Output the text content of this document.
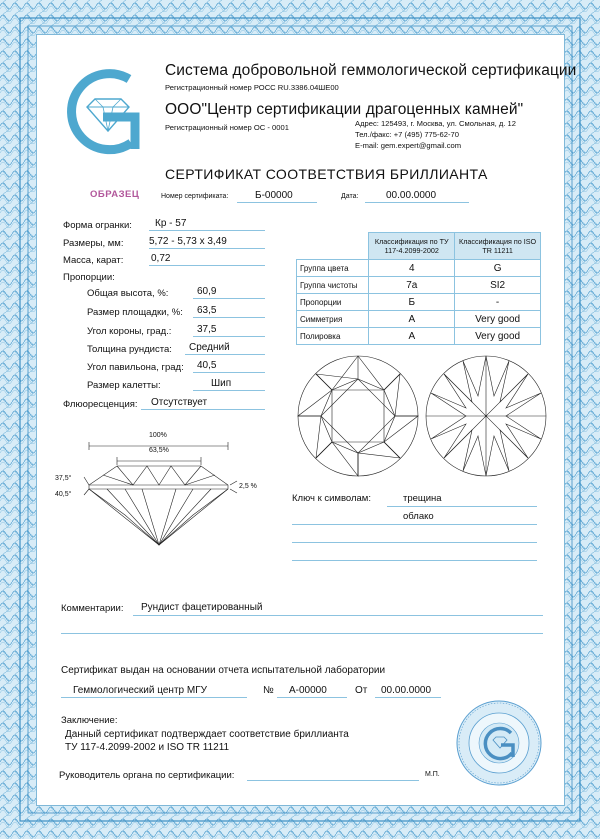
Система добровольной геммологической сертификации
Регистрационный номер РОСС RU.3386.04ШЕ00
ООО"Центр сертификации драгоценных камней"
Регистрационный номер ОС - 0001	Адрес: 125493, г. Москва, ул. Смольная, д. 12
Тел./факс: +7 (495) 775-62-70
E-mail: gem.expert@gmail.com
СЕРТИФИКАТ СООТВЕТСТВИЯ БРИЛЛИАНТА
ОБРАЗЕЦ	Номер сертификата:	Б-00000	Дата:	00.00.0000
Форма огранки: Кр - 57
Размеры, мм:	5,72 - 5,73 x 3,49
Масса, карат:	0,72
Пропорции:
Общая высота, %:	60,9
Размер площадки, %: 63,5
Угол короны, град.:	37,5
Толщина рундиста: Средний
Угол павильона, град: 40,5
Размер калетты:	Шип
Флюоресценция: Отсутствует
	Классификация по ТУ 117-4.2099-2002	Классификация по ISO TR 11211
Группа цвета	4	G
Группа чистоты	7а	SI2
Пропорции	Б	-
Симметрия	А	Very good
Полировка	А	Very good
100%
63,5%
37,5°
40,5°
2,5 %
Ключ к символам:	трещина
облако
Комментарии: Рундист фацетированный
Сертификат выдан на основании отчета испытательной лаборатории
Геммологический центр МГУ	№ А-00000	От 00.00.0000
Заключение:
Данный сертификат подтверждает соответствие бриллианта
ТУ 117-4.2099-2002 и ISO TR 11211
Руководитель органа по сертификации:	М.П.
